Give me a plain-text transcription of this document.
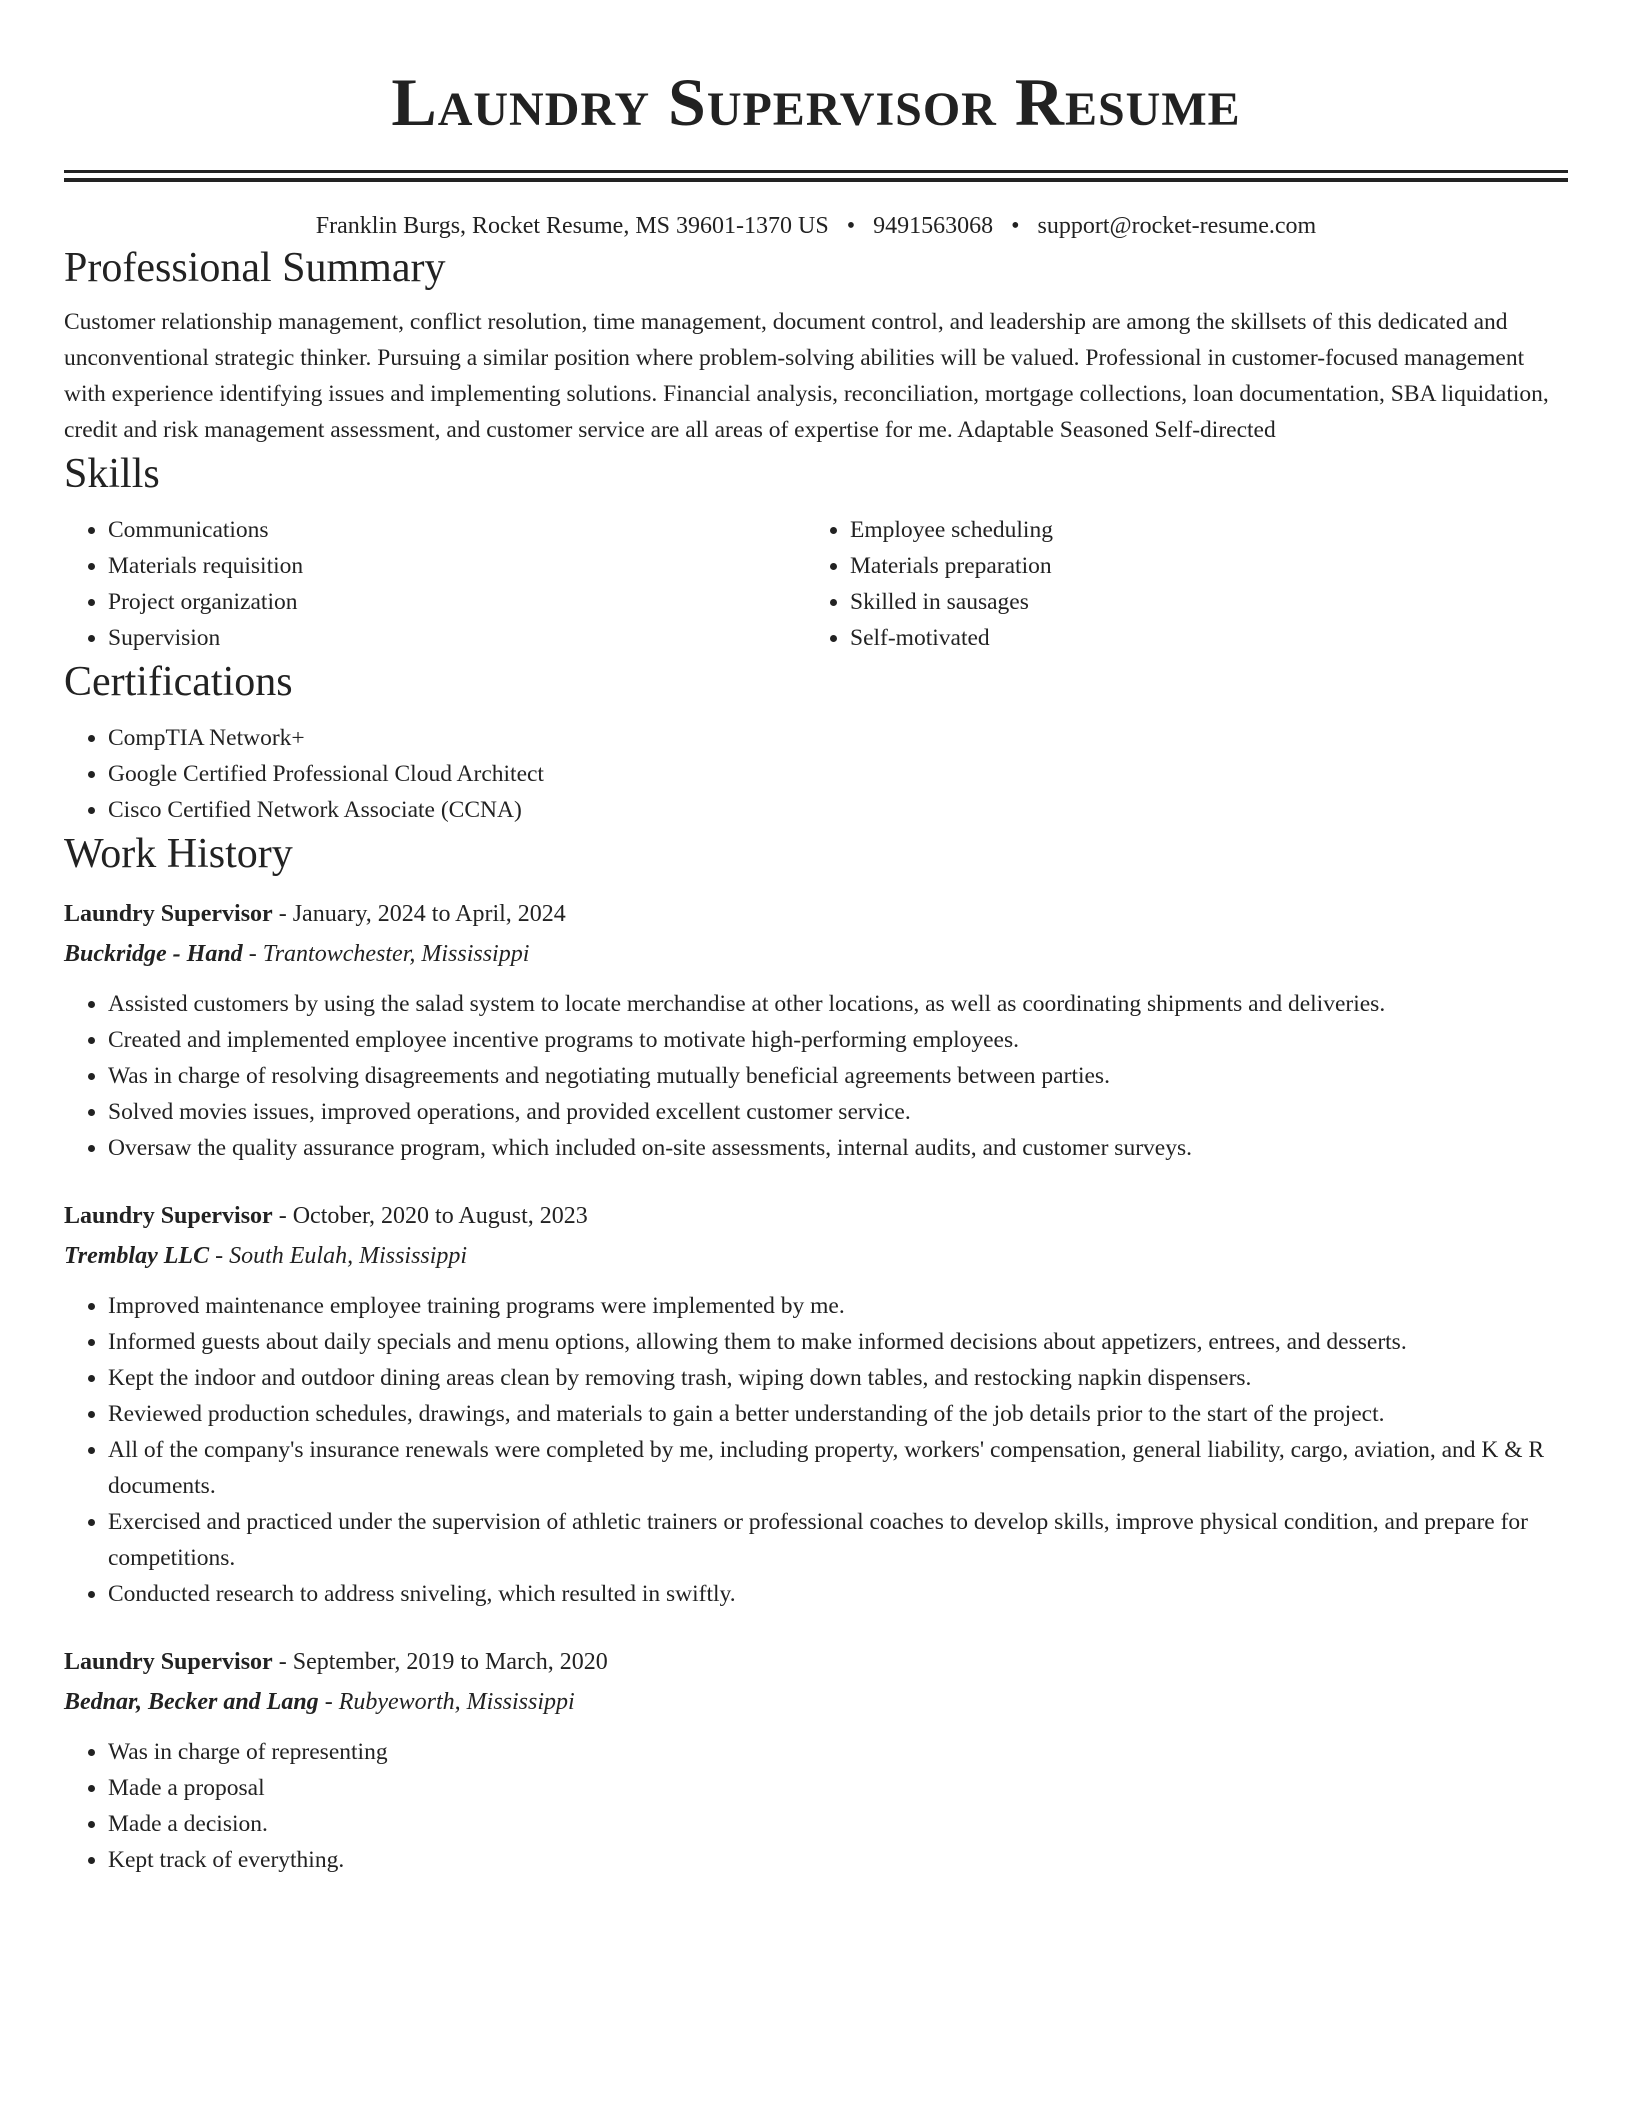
Laundry Supervisor Resume
Franklin Burgs, Rocket Resume, MS 39601-1370 US • 9491563068 • support@rocket-resume.com
Professional Summary
Customer relationship management, conflict resolution, time management, document control, and leadership are among the skillsets of this dedicated and unconventional strategic thinker. Pursuing a similar position where problem-solving abilities will be valued. Professional in customer-focused management with experience identifying issues and implementing solutions. Financial analysis, reconciliation, mortgage collections, loan documentation, SBA liquidation, credit and risk management assessment, and customer service are all areas of expertise for me. Adaptable Seasoned Self-directed
Skills
• Communications
• Materials requisition
• Project organization
• Supervision
• Employee scheduling
• Materials preparation
• Skilled in sausages
• Self-motivated
Certifications
• CompTIA Network+
• Google Certified Professional Cloud Architect
• Cisco Certified Network Associate (CCNA)
Work History
Laundry Supervisor - January, 2024 to April, 2024
Buckridge - Hand - Trantowchester, Mississippi
• Assisted customers by using the salad system to locate merchandise at other locations, as well as coordinating shipments and deliveries.
• Created and implemented employee incentive programs to motivate high-performing employees.
• Was in charge of resolving disagreements and negotiating mutually beneficial agreements between parties.
• Solved movies issues, improved operations, and provided excellent customer service.
• Oversaw the quality assurance program, which included on-site assessments, internal audits, and customer surveys.
Laundry Supervisor - October, 2020 to August, 2023
Tremblay LLC - South Eulah, Mississippi
• Improved maintenance employee training programs were implemented by me.
• Informed guests about daily specials and menu options, allowing them to make informed decisions about appetizers, entrees, and desserts.
• Kept the indoor and outdoor dining areas clean by removing trash, wiping down tables, and restocking napkin dispensers.
• Reviewed production schedules, drawings, and materials to gain a better understanding of the job details prior to the start of the project.
• All of the company's insurance renewals were completed by me, including property, workers' compensation, general liability, cargo, aviation, and K & R documents.
• Exercised and practiced under the supervision of athletic trainers or professional coaches to develop skills, improve physical condition, and prepare for competitions.
• Conducted research to address sniveling, which resulted in swiftly.
Laundry Supervisor - September, 2019 to March, 2020
Bednar, Becker and Lang - Rubyeworth, Mississippi
• Was in charge of representing
• Made a proposal
• Made a decision.
• Kept track of everything.
